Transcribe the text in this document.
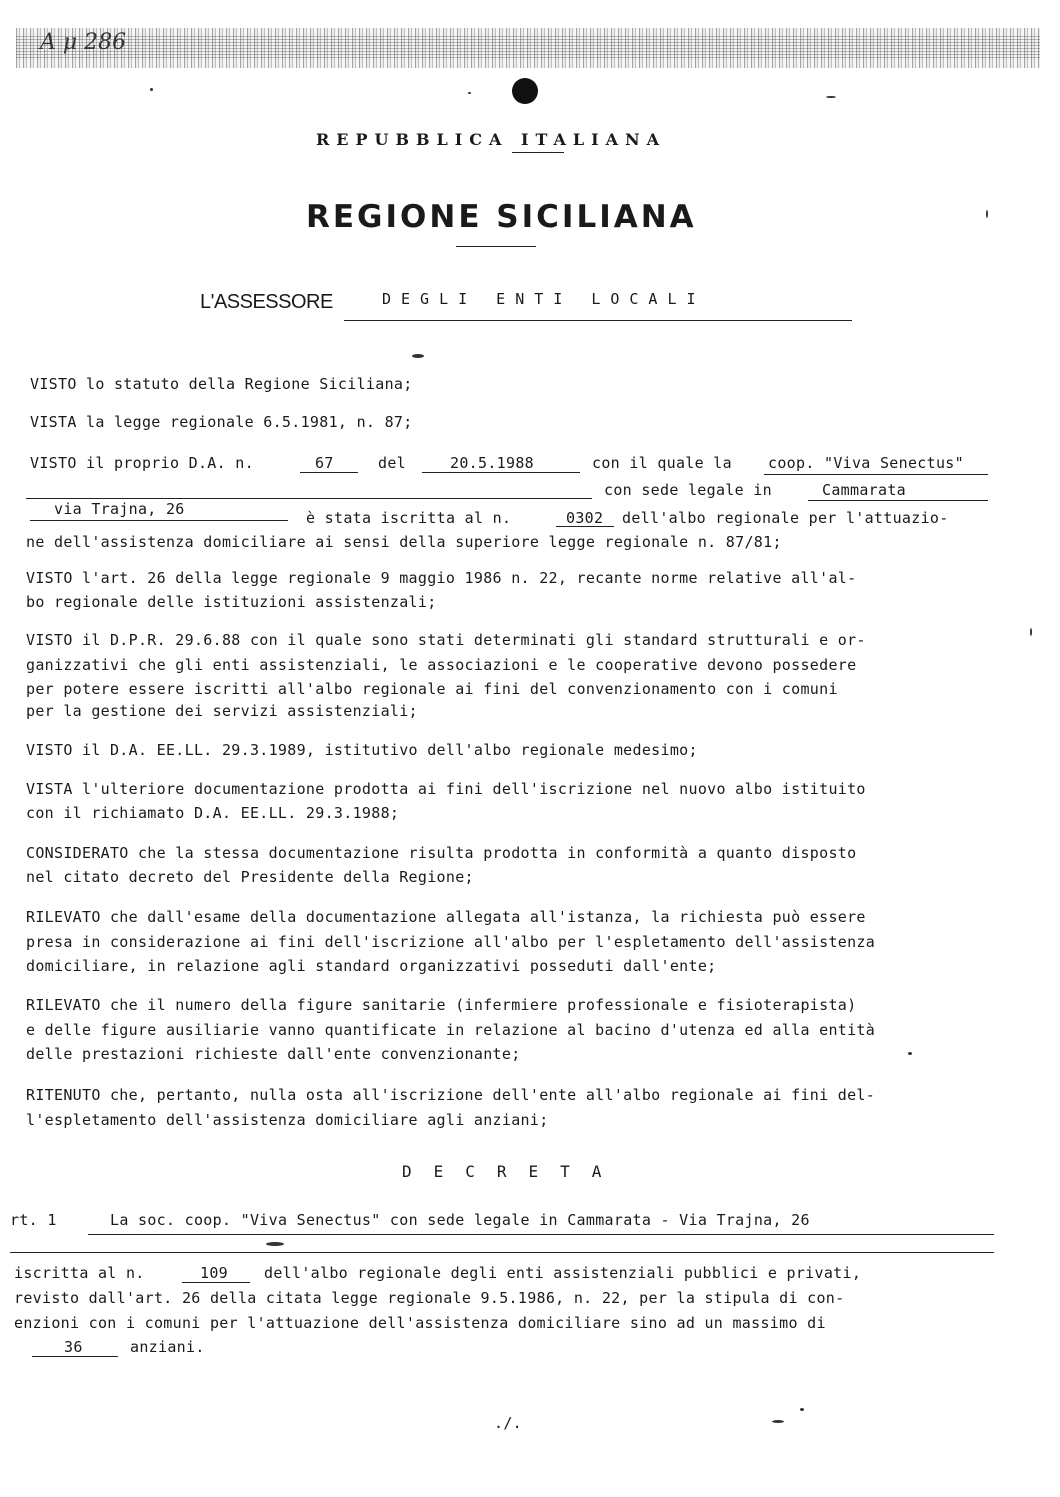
A μ 286
REPUBBLICA ITALIANA
REGIONE SICILIANA
L'ASSESSORE	DEGLI ENTI LOCALI
VISTO lo statuto della Regione Siciliana;
VISTA la legge regionale 6.5.1981, n. 87;
VISTO il proprio D.A. n.	67	del	20.5.1988	con il quale la coop. "Viva Senectus"
con sede legale in	Cammarata
via Trajna, 26	è stata iscritta al n.	0302 dell'albo regionale per l'attuazio-
ne dell'assistenza domiciliare ai sensi della superiore legge regionale n. 87/81;
VISTO l'art. 26 della legge regionale 9 maggio 1986 n. 22, recante norme relative all'al-
bo regionale delle istituzioni assistenzali;
VISTO il D.P.R. 29.6.88 con il quale sono stati determinati gli standard strutturali e or-
ganizzativi che gli enti assistenziali, le associazioni e le cooperative devono possedere
per potere essere iscritti all'albo regionale ai fini del convenzionamento con i comuni
per la gestione dei servizi assistenziali;
VISTO il D.A. EE.LL. 29.3.1989, istitutivo dell'albo regionale medesimo;
VISTA l'ulteriore documentazione prodotta ai fini dell'iscrizione nel nuovo albo istituito
con il richiamato D.A. EE.LL. 29.3.1988;
CONSIDERATO che la stessa documentazione risulta prodotta in conformità a quanto disposto
nel citato decreto del Presidente della Regione;
RILEVATO che dall'esame della documentazione allegata all'istanza, la richiesta può essere
presa in considerazione ai fini dell'iscrizione all'albo per l'espletamento dell'assistenza
domiciliare, in relazione agli standard organizzativi posseduti dall'ente;
RILEVATO che il numero della figure sanitarie (infermiere professionale e fisioterapista)
e delle figure ausiliarie vanno quantificate in relazione al bacino d'utenza ed alla entità
delle prestazioni richieste dall'ente convenzionante;
RITENUTO che, pertanto, nulla osta all'iscrizione dell'ente all'albo regionale ai fini del-
l'espletamento dell'assistenza domiciliare agli anziani;
DECRETA
rt. 1	La soc. coop. "Viva Senectus" con sede legale in Cammarata - Via Trajna, 26
iscritta al n.	109 dell'albo regionale degli enti assistenziali pubblici e privati,
revisto dall'art. 26 della citata legge regionale 9.5.1986, n. 22, per la stipula di con-
enzioni con i comuni per l'attuazione dell'assistenza domiciliare sino ad un massimo di
36	anziani.
./.
